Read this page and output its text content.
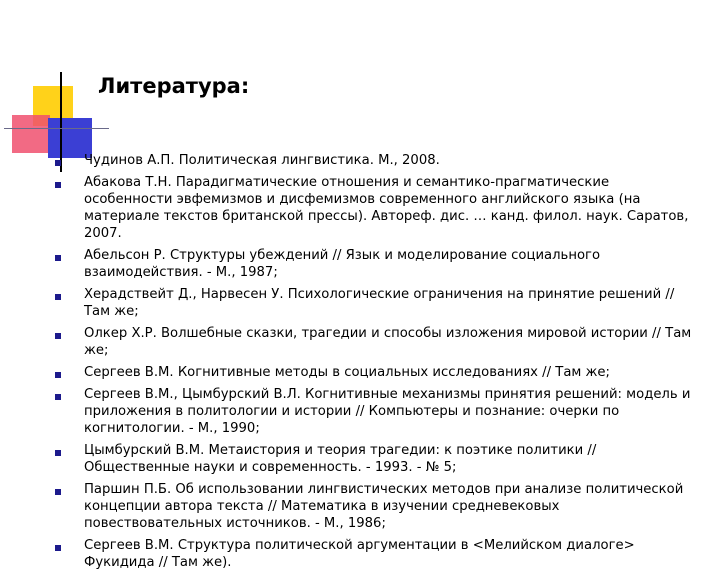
Литература:
Чудинов А.П. Политическая лингвистика. М., 2008.
Абакова Т.Н. Парадигматические отношения и семантико-прагматические особенности эвфемизмов и дисфемизмов современного английского языка (на материале текстов британской прессы). Автореф. дис. … канд. филол. наук. Саратов, 2007.
Абельсон Р. Структуры убеждений // Язык и моделирование социального взаимодействия. - М., 1987;
Херадствейт Д., Нарвесен У. Психологические ограничения на принятие решений // Там же;
Олкер Х.Р. Волшебные сказки, трагедии и способы изложения мировой истории // Там же;
Сергеев В.М. Когнитивные методы в социальных исследованиях // Там же;
Сергеев В.М., Цымбурский В.Л. Когнитивные механизмы принятия решений: модель и приложения в политологии и истории // Компьютеры и познание: очерки по когнитологии. - М., 1990;
Цымбурский В.М. Метаистория и теория трагедии: к поэтике политики // Общественные науки и современность. - 1993. - № 5;
Паршин П.Б. Об использовании лингвистических методов при анализе политической концепции автора текста // Математика в изучении средневековых повествовательных источников. - М., 1986;
Сергеев В.М. Структура политической аргументации в <Мелийском диалоге> Фукидида // Там же).
